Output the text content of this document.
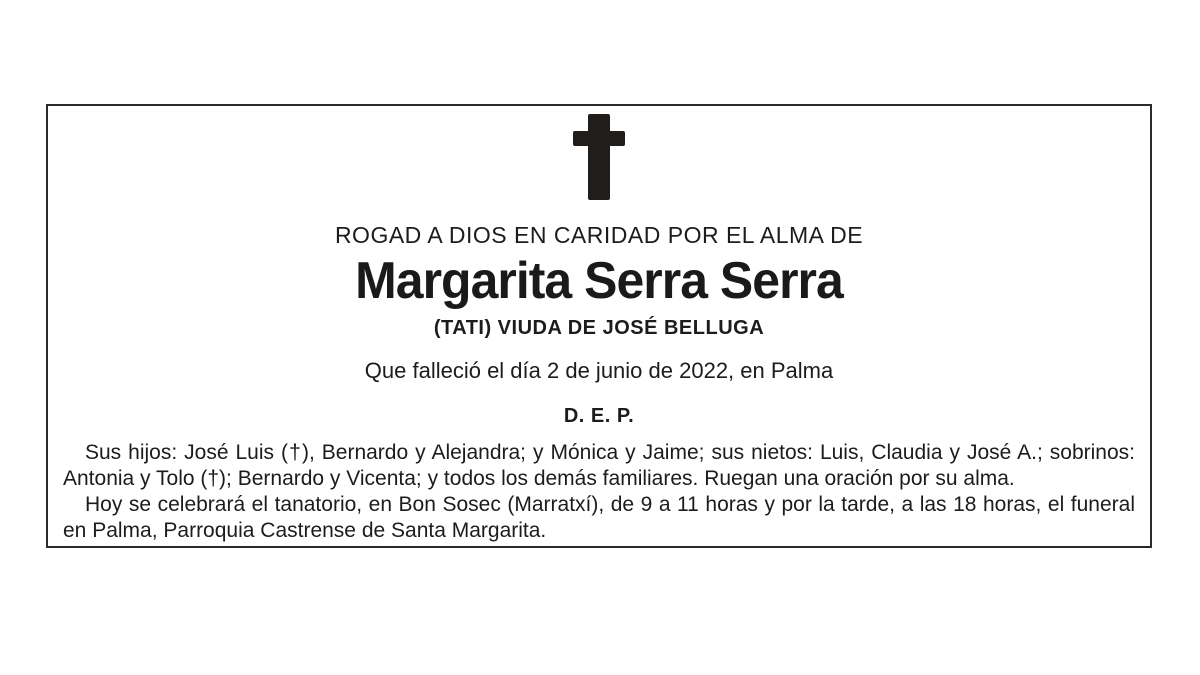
ROGAD A DIOS EN CARIDAD POR EL ALMA DE
Margarita Serra Serra
(TATI) VIUDA DE JOSÉ BELLUGA
Que falleció el día 2 de junio de 2022, en Palma
D. E. P.

Sus hijos: José Luis (†), Bernardo y Alejandra; y Mónica y Jaime; sus nietos: Luis, Claudia y José A.; sobrinos: Antonia y Tolo (†); Bernardo y Vicenta; y todos los demás familiares. Ruegan una oración por su alma.

Hoy se celebrará el tanatorio, en Bon Sosec (Marratxí), de 9 a 11 horas y por la tarde, a las 18 horas, el funeral en Palma, Parroquia Castrense de Santa Margarita.
